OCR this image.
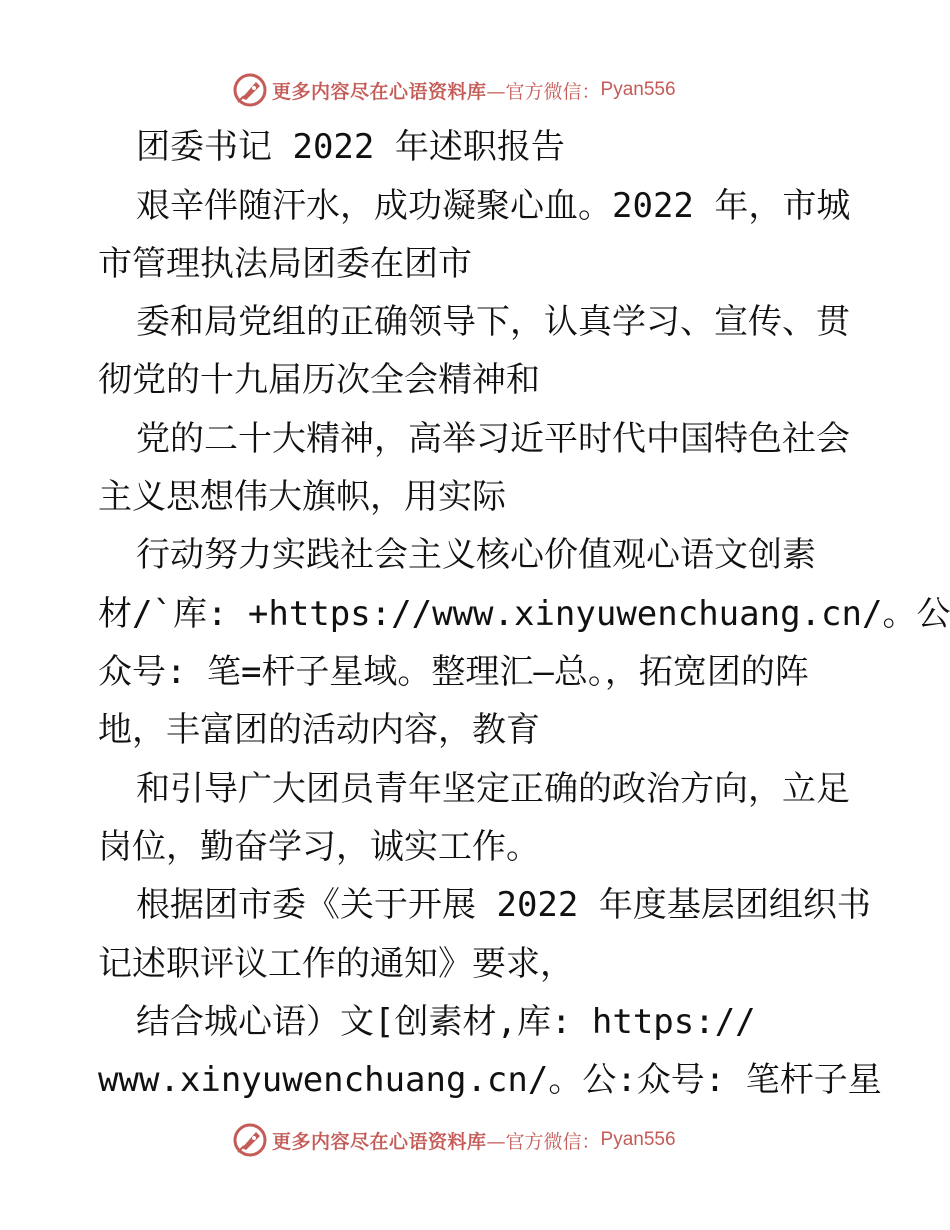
更多内容尽在心语资料库 —官方微信： Pyan556

团委书记 2022 年述职报告

艰辛伴随汗水，成功凝聚心血。2022 年，市城

市管理执法局团委在团市

委和局党组的正确领导下，认真学习、宣传、贯

彻党的十九届历次全会精神和

党的二十大精神，高举习近平时代中国特色社会

主义思想伟大旗帜，用实际

行动努力实践社会主义核心价值观心语文创素

材/`库: +https://www.xinyuwenchuang.cn/。公

众号: 笔=杆子星域。整理汇—总。，拓宽团的阵

地，丰富团的活动内容，教育

和引导广大团员青年坚定正确的政治方向，立足

岗位，勤奋学习，诚实工作。

根据团市委《关于开展 2022 年度基层团组织书

记述职评议工作的通知》要求，

结合城心语）文[创素材,库: https://

www.xinyuwenchuang.cn/。公:众号: 笔杆子星

更多内容尽在心语资料库 —官方微信： Pyan556
